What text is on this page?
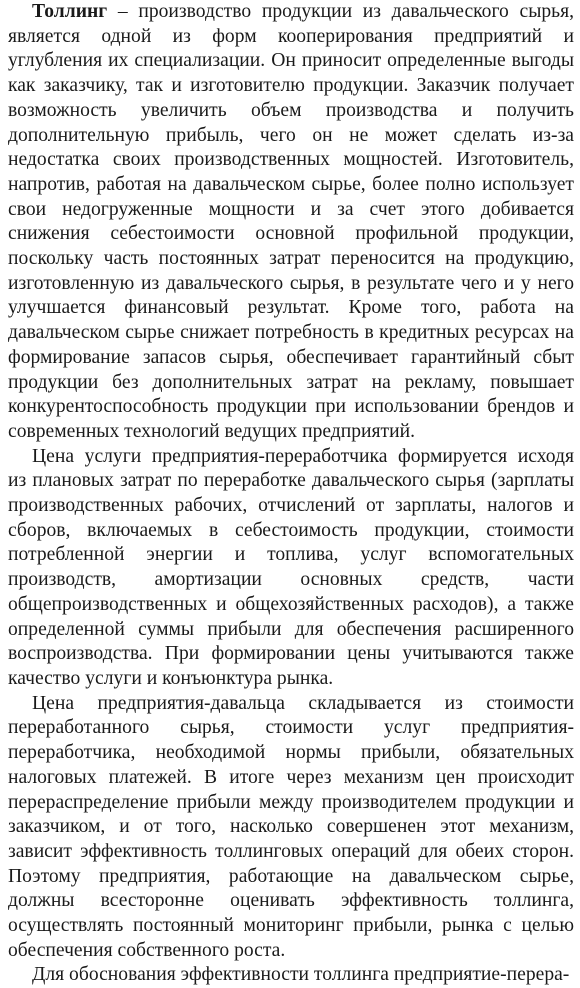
Толлинг – производство продукции из давальческого сырья, является одной из форм кооперирования предприятий и углубления их специализации. Он приносит определенные выгоды как заказчику, так и изготовителю продукции. Заказчик получает возможность увеличить объем производства и получить дополнительную прибыль, чего он не может сделать из-за недостатка своих производственных мощностей. Изготовитель, напротив, работая на давальческом сырье, более полно использует свои недогруженные мощности и за счет этого добивается снижения себестоимости основной профильной продукции, поскольку часть постоянных затрат переносится на продукцию, изготовленную из давальческого сырья, в результате чего и у него улучшается финансовый результат. Кроме того, работа на давальческом сырье снижает потребность в кредитных ресурсах на формирование запасов сырья, обеспечивает гарантийный сбыт продукции без дополнительных затрат на рекламу, повышает конкурентоспособность продукции при использовании брендов и современных технологий ведущих предприятий.

Цена услуги предприятия-переработчика формируется исходя из плановых затрат по переработке давальческого сырья (зарплаты производственных рабочих, отчислений от зарплаты, налогов и сборов, включаемых в себестоимость продукции, стоимости потребленной энергии и топлива, услуг вспомогательных производств, амортизации основных средств, части общепроизводственных и общехозяйственных расходов), а также определенной суммы прибыли для обеспечения расширенного воспроизводства. При формировании цены учитываются также качество услуги и конъюнктура рынка.

Цена предприятия-давальца складывается из стоимости переработанного сырья, стоимости услуг предприятия-переработчика, необходимой нормы прибыли, обязательных налоговых платежей. В итоге через механизм цен происходит перераспределение прибыли между производителем продукции и заказчиком, и от того, насколько совершенен этот механизм, зависит эффективность толлинговых операций для обеих сторон. Поэтому предприятия, работающие на давальческом сырье, должны всесторонне оценивать эффективность толлинга, осуществлять постоянный мониторинг прибыли, рынка с целью обеспечения собственного роста.

Для обоснования эффективности толлинга предприятие-перера-
